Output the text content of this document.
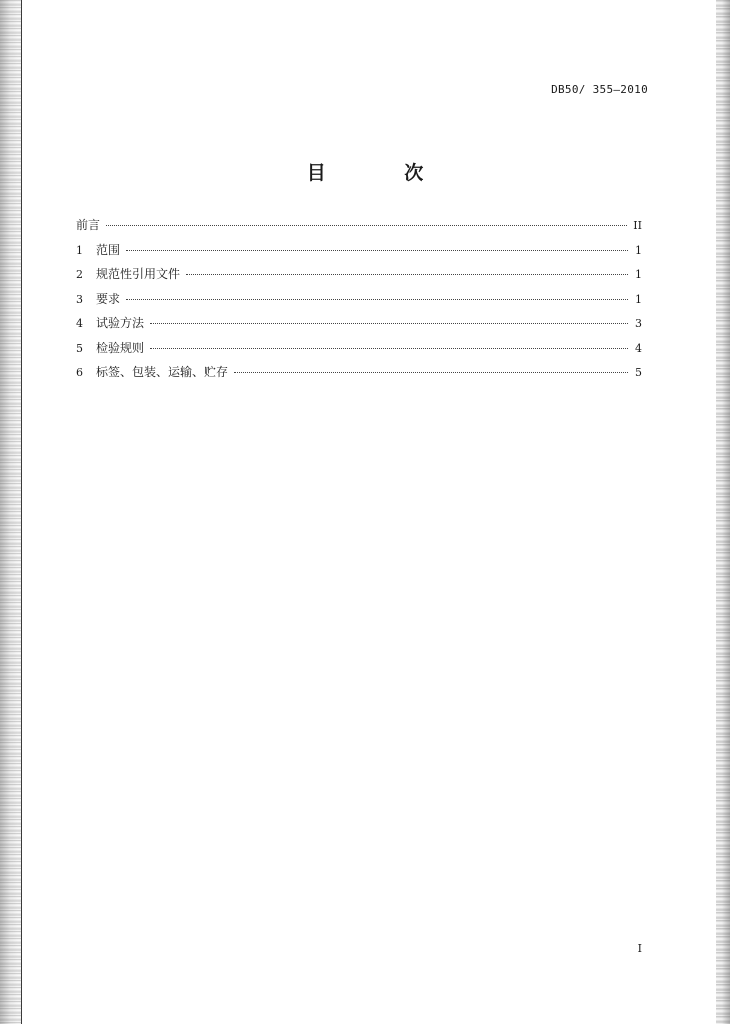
DB50/ 355—2010
目 次
前言	II
1	范围	1
2	规范性引用文件	1
3	要求	1
4	试验方法	3
5	检验规则	4
6	标签、包装、运输、贮存	5
I
